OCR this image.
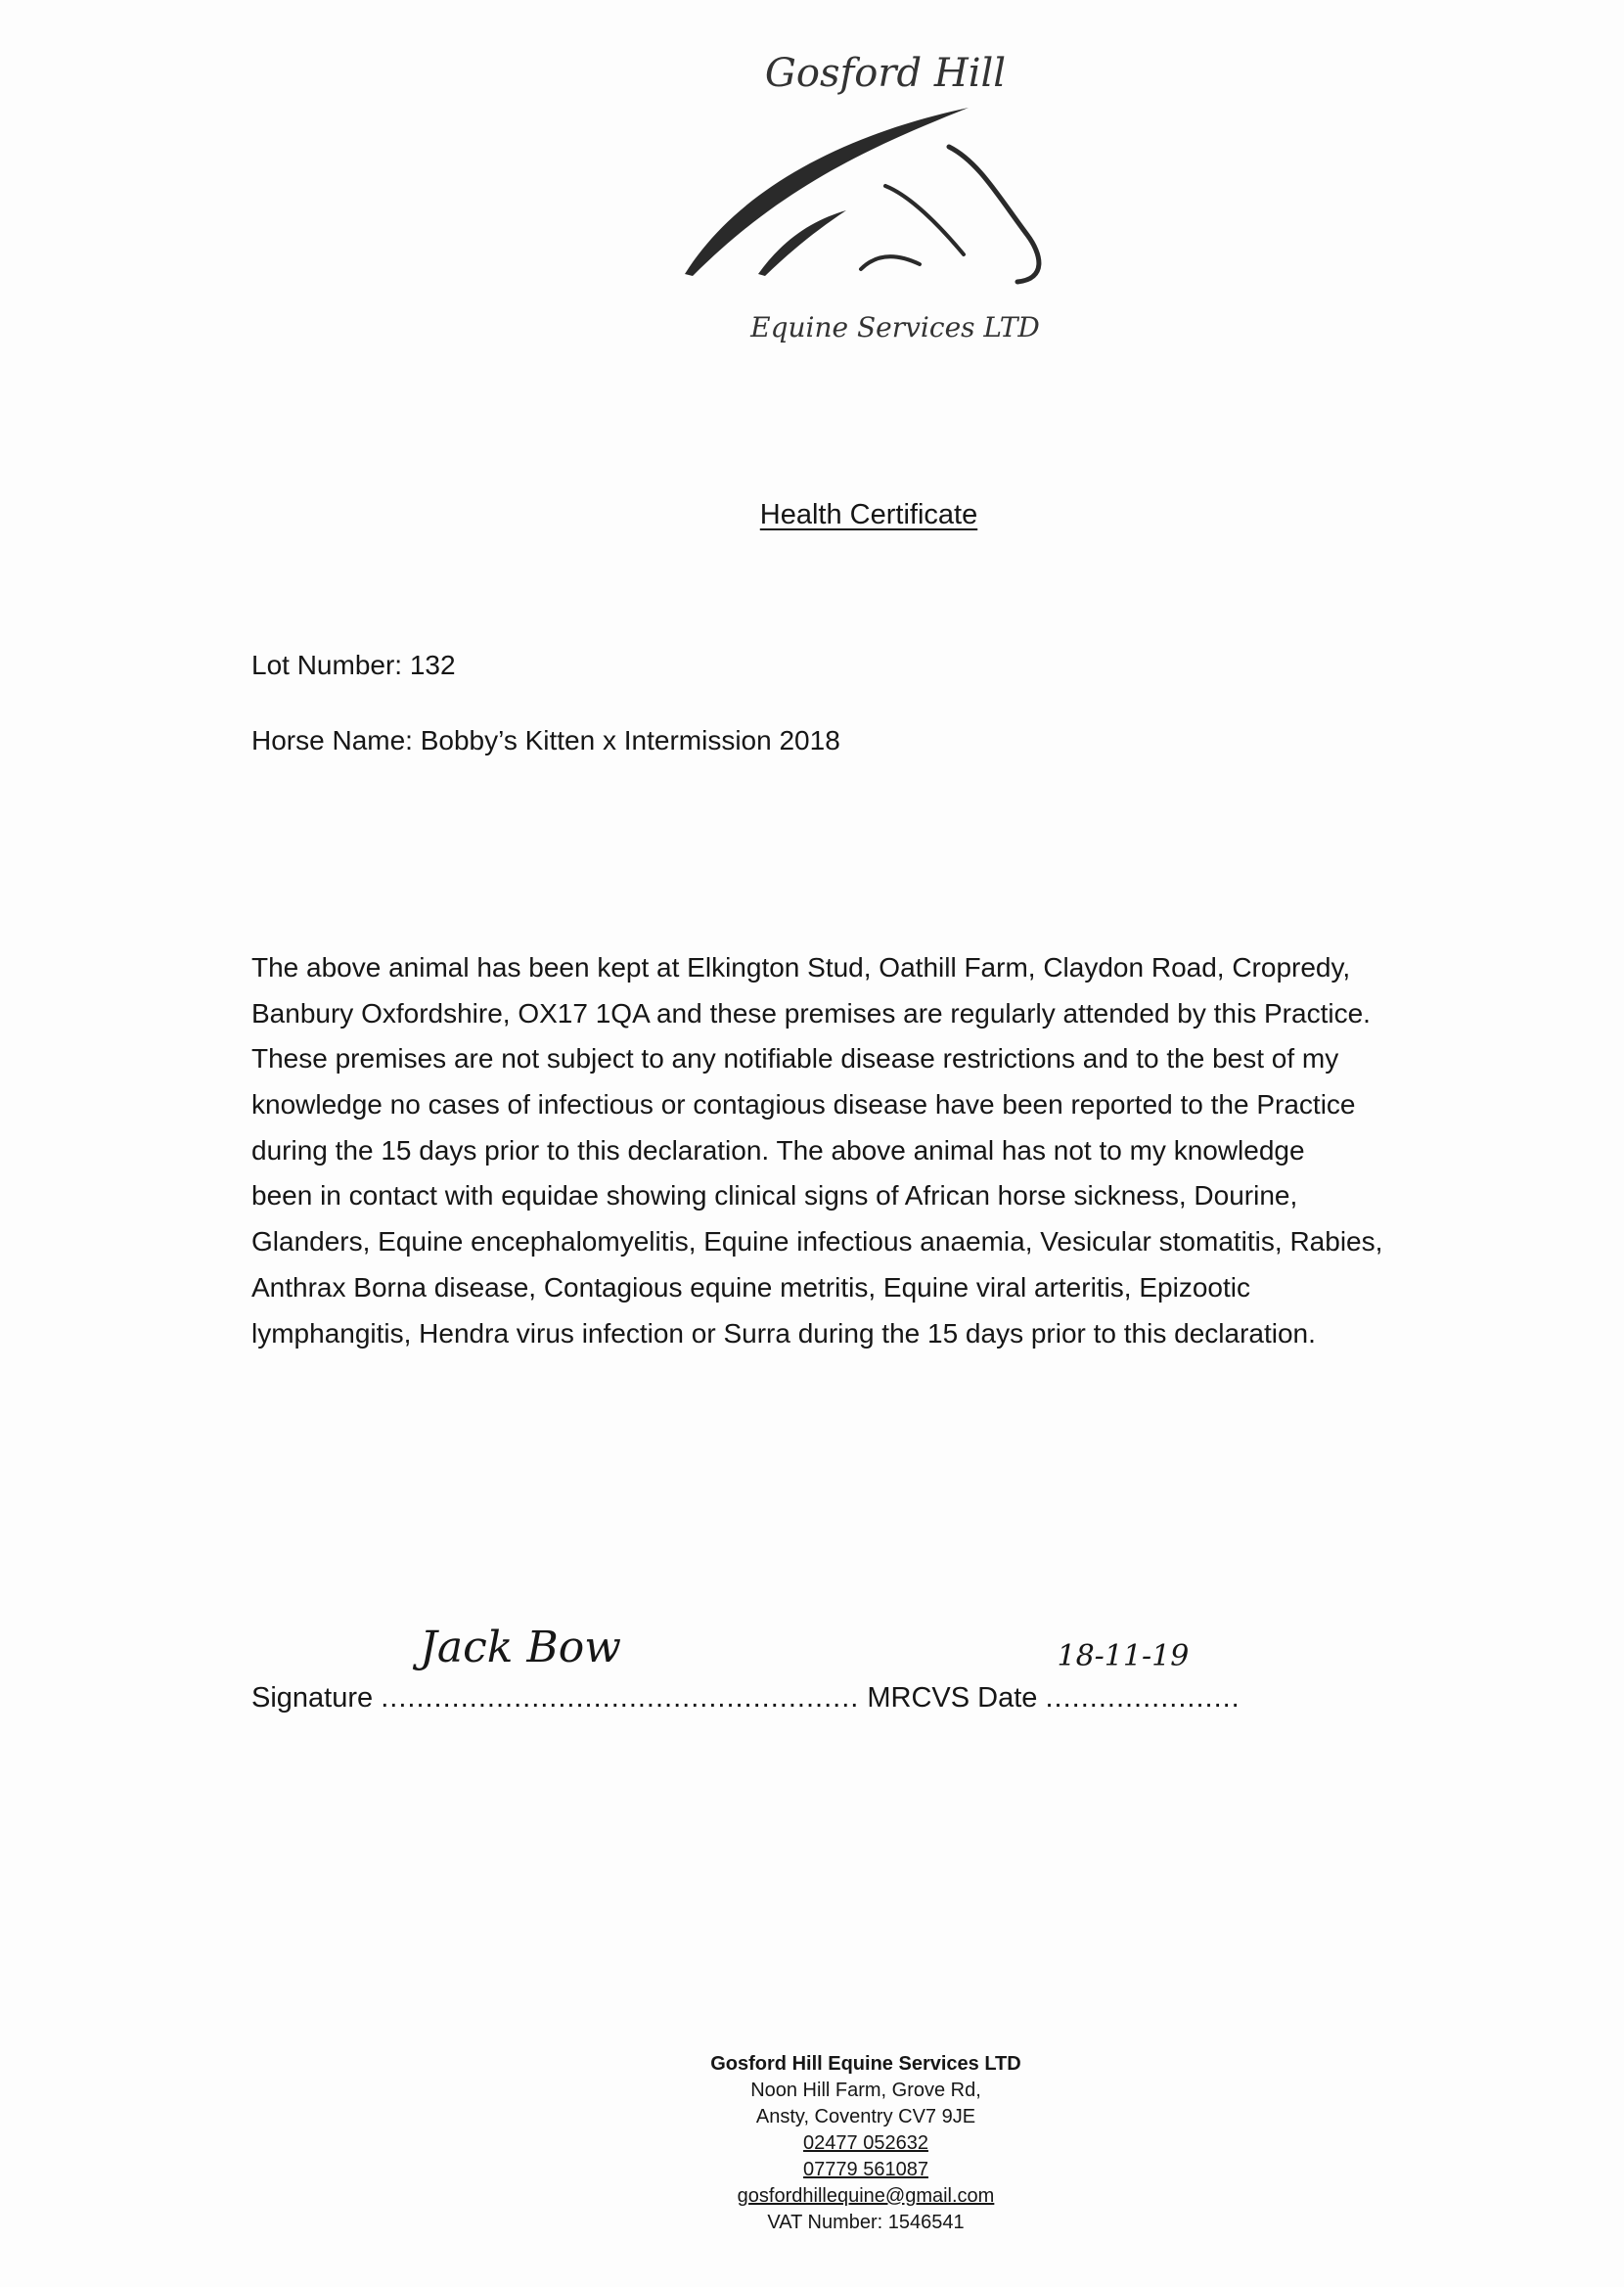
Gosford Hill
Equine Services LTD
Health Certificate
Lot Number: 132
Horse Name: Bobby’s Kitten x Intermission 2018
The above animal has been kept at Elkington Stud, Oathill Farm, Claydon Road, Cropredy,
Banbury Oxfordshire, OX17 1QA and these premises are regularly attended by this Practice.
These premises are not subject to any notifiable disease restrictions and to the best of my
knowledge no cases of infectious or contagious disease have been reported to the Practice
during the 15 days prior to this declaration. The above animal has not to my knowledge
been in contact with equidae showing clinical signs of African horse sickness, Dourine,
Glanders, Equine encephalomyelitis, Equine infectious anaemia, Vesicular stomatitis, Rabies,
Anthrax Borna disease, Contagious equine metritis, Equine viral arteritis, Epizootic
lymphangitis, Hendra virus infection or Surra during the 15 days prior to this declaration.
Signature ......................................................
Jack Bow
MRCVS Date ......................
18-11-19
Gosford Hill Equine Services LTD
Noon Hill Farm, Grove Rd,
Ansty, Coventry CV7 9JE
02477 052632
07779 561087
gosfordhillequine@gmail.com
VAT Number: 1546541
